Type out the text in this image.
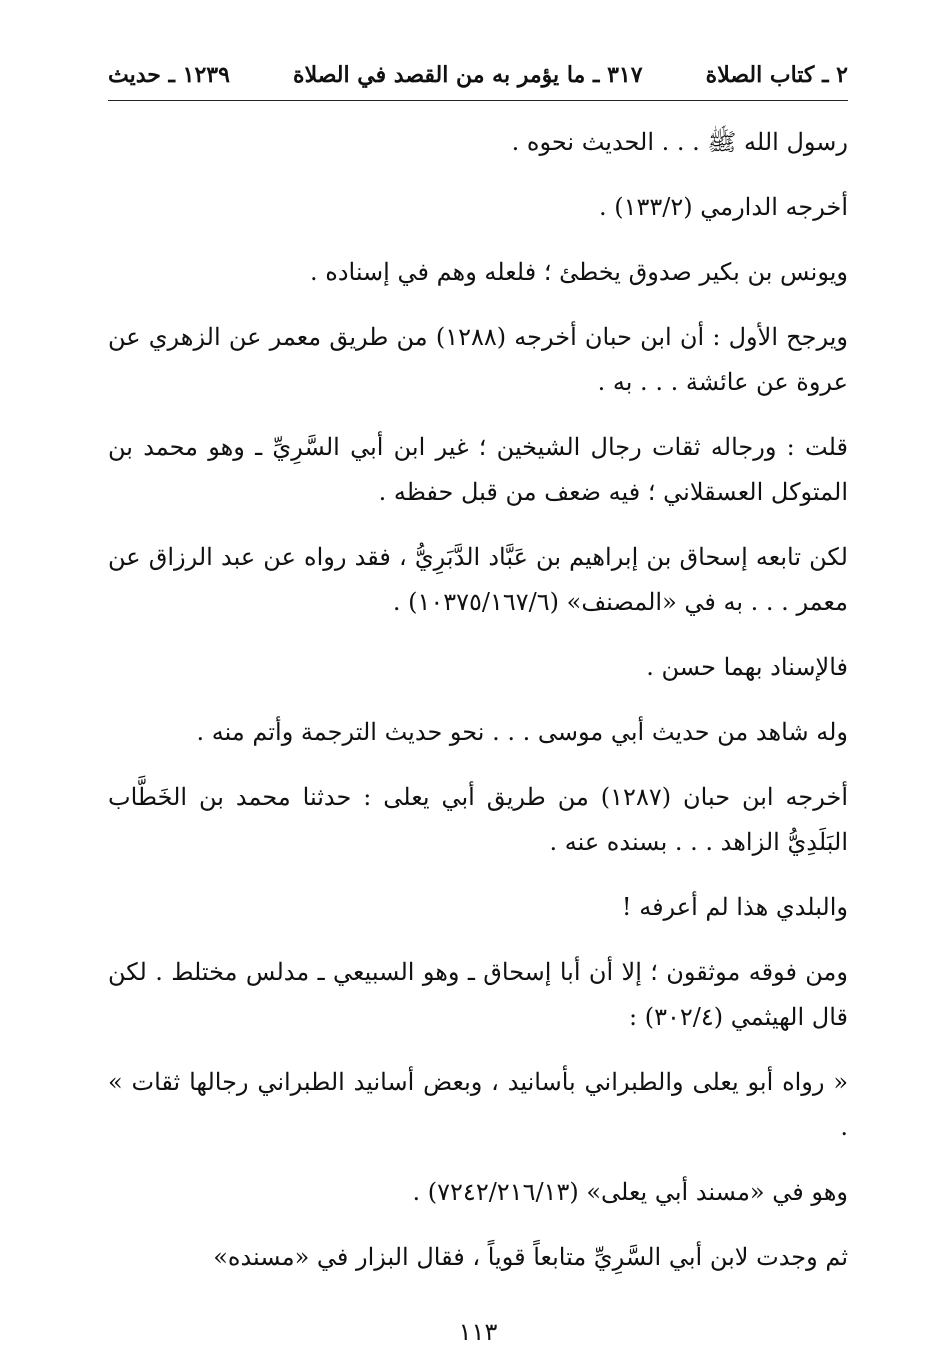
٢ ـ كتاب الصلاة
٣١٧ ـ ما يؤمر به من القصد في الصلاة
١٢٣٩ ـ حديث

رسول الله ﷺ . . . الحديث نحوه .

أخرجه الدارمي (١٣٣/٢) .

ويونس بن بكير صدوق يخطئ ؛ فلعله وهم في إسناده .

ويرجح الأول : أن ابن حبان أخرجه (١٢٨٨) من طريق معمر عن الزهري عن عروة عن عائشة . . . به .

قلت : ورجاله ثقات رجال الشيخين ؛ غير ابن أبي السَّرِيِّ ـ وهو محمد بن المتوكل العسقلاني ؛ فيه ضعف من قبل حفظه .

لكن تابعه إسحاق بن إبراهيم بن عَبَّاد الدَّبَرِيُّ ، فقد رواه عن عبد الرزاق عن معمر . . . به في «المصنف» (١٠٣٧٥/١٦٧/٦) .

فالإسناد بهما حسن .

وله شاهد من حديث أبي موسى . . . نحو حديث الترجمة وأتم منه .

أخرجه ابن حبان (١٢٨٧) من طريق أبي يعلى : حدثنا محمد بن الخَطَّاب البَلَدِيُّ الزاهد . . . بسنده عنه .

والبلدي هذا لم أعرفه !

ومن فوقه موثقون ؛ إلا أن أبا إسحاق ـ وهو السبيعي ـ مدلس مختلط . لكن قال الهيثمي (٣٠٢/٤) :

« رواه أبو يعلى والطبراني بأسانيد ، وبعض أسانيد الطبراني رجالها ثقات » .

وهو في «مسند أبي يعلى» (٧٢٤٢/٢١٦/١٣) .

ثم وجدت لابن أبي السَّرِيِّ متابعاً قوياً ، فقال البزار في «مسنده»

١١٣
